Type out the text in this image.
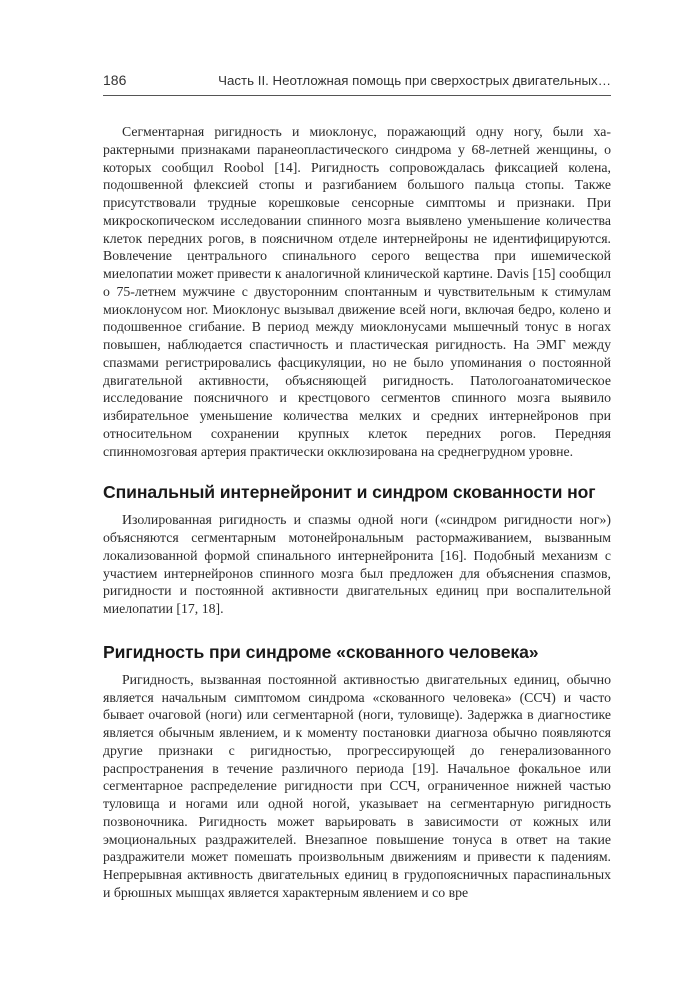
186	Часть II. Неотложная помощь при сверхострых двигательных…

Сегментарная ригидность и миоклонус, поражающий одну ногу, были характерными признаками паранеопластического синдрома у 68-летней женщины, о которых сообщил Roobol [14]. Ригидность сопровождалась фиксацией колена, подошвенной флексией стопы и разгибанием большого пальца стопы. Также присутствовали трудные корешковые сенсорные симптомы и признаки. При микроскопическом исследовании спинного мозга выявлено уменьшение количества клеток передних рогов, в поясничном отделе интернейроны не идентифицируются. Вовлечение центрального спинального серого вещества при ишемической миелопатии может привести к аналогичной клинической картине. Davis [15] сообщил о 75-летнем мужчине с двусторонним спонтанным и чувствительным к стимулам миоклонусом ног. Миоклонус вызывал движение всей ноги, включая бедро, колено и подошвенное сгибание. В период между миоклонусами мышечный тонус в ногах повышен, наблюдается спастичность и пластическая ригидность. На ЭМГ между спазмами регистрировались фасцикуляции, но не было упоминания о постоянной двигательной активности, объясняющей ригидность. Патологоанатомическое исследование поясничного и крестцового сегментов спинного мозга выявило избирательное уменьшение количества мелких и средних интернейронов при относительном сохранении крупных клеток передних рогов. Передняя спинномозговая артерия практически окклюзирована на среднегрудном уровне.

Спинальный интернейронит и синдром скованности ног

Изолированная ригидность и спазмы одной ноги («синдром ригидности ног») объясняются сегментарным мотонейрональным растормаживанием, вызванным локализованной формой спинального интернейронита [16]. Подобный механизм с участием интернейронов спинного мозга был предложен для объяснения спазмов, ригидности и постоянной активности двигательных единиц при воспалительной миелопатии [17, 18].

Ригидность при синдроме «скованного человека»

Ригидность, вызванная постоянной активностью двигательных единиц, обычно является начальным симптомом синдрома «скованного человека» (ССЧ) и часто бывает очаговой (ноги) или сегментарной (ноги, туловище). Задержка в диагностике является обычным явлением, и к моменту постановки диагноза обычно появляются другие признаки с ригидностью, прогрессирующей до генерализованного распространения в течение различного периода [19]. Начальное фокальное или сегментарное распределение ригидности при ССЧ, ограниченное нижней частью туловища и ногами или одной ногой, указывает на сегментарную ригидность позвоночника. Ригидность может варьировать в зависимости от кожных или эмоциональных раздражителей. Внезапное повышение тонуса в ответ на такие раздражители может помешать произвольным движениям и привести к падениям. Непрерывная активность двигательных единиц в грудопоясничных параспинальных и брюшных мышцах является характерным явлением и со вре
